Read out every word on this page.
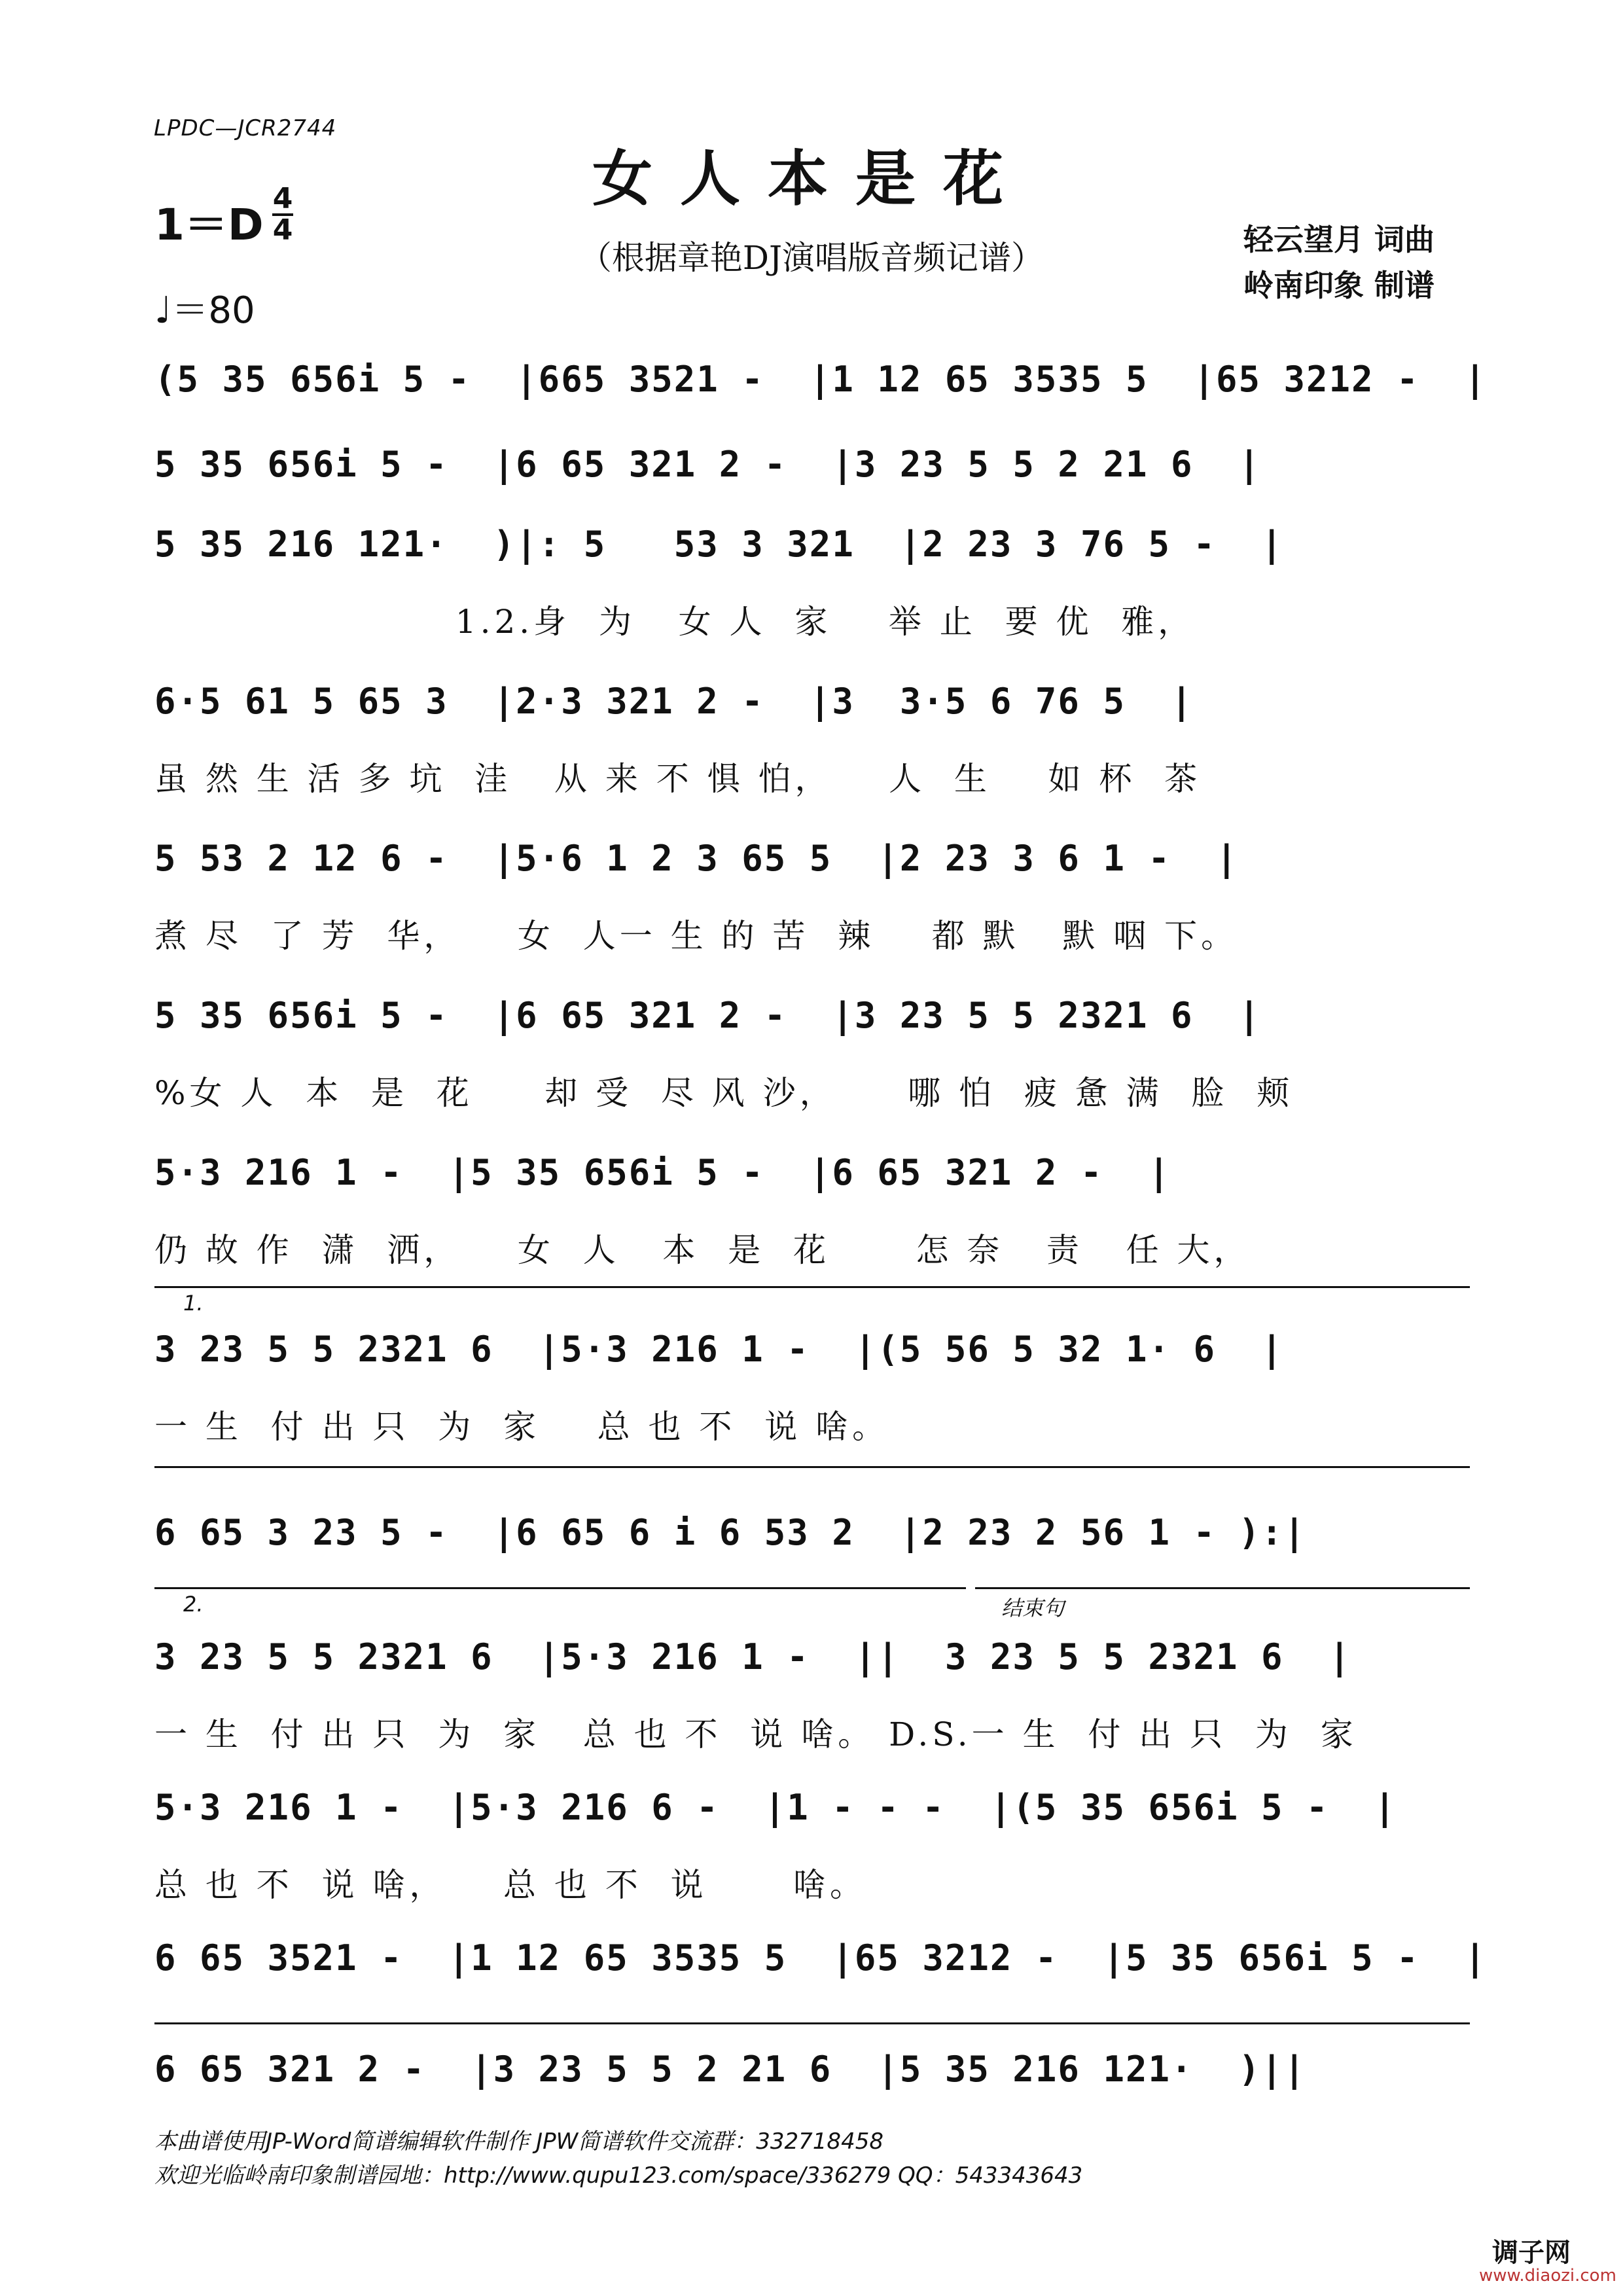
LPDC—JCR2744
女人本是花
（根据章艳DJ演唱版音频记谱）
1＝D
4
4
♩＝80
轻云望月 词曲
岭南印象 制谱
(5 35 656i 5 -  |665 3521 -  |1 12 65 3535 5  |65 3212 -  |
5 35 656i 5 -  |6 65 321 2 -  |3 23 5 5 2 21 6  |
5 35 216 121·  )|: 5   53 3 321  |2 23 3 76 5 -  |
1.2.身  为   女 人  家    举 止  要 优  雅，
6·5 61 5 65 3  |2·3 321 2 -  |3  3·5 6 76 5  |
虽 然 生 活 多 坑  洼   从 来 不 惧 怕，    人  生    如 杯  茶
5 53 2 12 6 -  |5·6 1 2 3 65 5  |2 23 3 6 1 -  |
煮 尽  了 芳  华，    女  人一 生 的 苦  辣    都 默   默 咽 下。
5 35 656i 5 -  |6 65 321 2 -  |3 23 5 5 2321 6  |
%女 人  本  是  花     却 受  尽 风 沙，     哪 怕  疲 惫 满  脸  颊
5·3 216 1 -  |5 35 656i 5 -  |6 65 321 2 -  |
仍 故 作  潇  洒，    女  人   本  是  花      怎 奈   责   任 大，
1.
3 23 5 5 2321 6  |5·3 216 1 -  |(5 56 5 32 1· 6  |
一 生  付 出 只  为  家    总 也 不  说 啥。
6 65 3 23 5 -  |6 65 6 i 6 53 2  |2 23 2 56 1 - ):|
2.	结束句
3 23 5 5 2321 6  |5·3 216 1 -  ||  3 23 5 5 2321 6  |
一 生  付 出 只  为  家   总 也 不  说 啥。 D.S.一 生  付 出 只  为  家
5·3 216 1 -  |5·3 216 6 -  |1 - - -  |(5 35 656i 5 -  |
总 也 不  说 啥，    总 也 不  说      啥。
6 65 3521 -  |1 12 65 3535 5  |65 3212 -  |5 35 656i 5 -  |
6 65 321 2 -  |3 23 5 5 2 21 6  |5 35 216 121·  )||
本曲谱使用JP-Word简谱编辑软件制作 JPW简谱软件交流群：332718458
欢迎光临岭南印象制谱园地：http://www.qupu123.com/space/336279 QQ：543343643
调子网
www.diaozi.com
